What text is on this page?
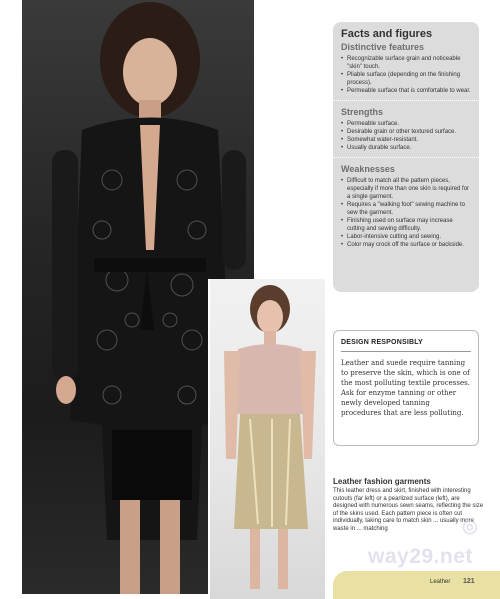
Facts and figures
Distinctive features
• Recognizable surface grain and noticeable "skin" touch.
• Pliable surface (depending on the finishing process).
• Permeable surface that is comfortable to wear.
Strengths
• Permeable surface.
• Desirable grain or other textured surface.
• Somewhat water-resistant.
• Usually durable surface.
Weaknesses
• Difficult to match all the pattern pieces, especially if more than one skin is required for a single garment.
• Requires a "walking foot" sewing machine to sew the garment.
• Finishing used on surface may increase cutting and sewing difficulty.
• Labor-intensive cutting and sewing.
• Color may crock off the surface or backside.
DESIGN RESPONSIBLY
Leather and suede require tanning to preserve the skin, which is one of the most polluting textile processes. Ask for enzyme tanning or other newly developed tanning procedures that are less polluting.
Leather fashion garments
This leather dress and skirt, finished with interesting cutouts (far left) or a pearlized surface (left), are designed with numerous sewn seams, reflecting the size of the skins used. Each pattern piece is often cut individually, taking care to match skin ... usually more waste in ... matching	◎
way29.net
Leather 121
